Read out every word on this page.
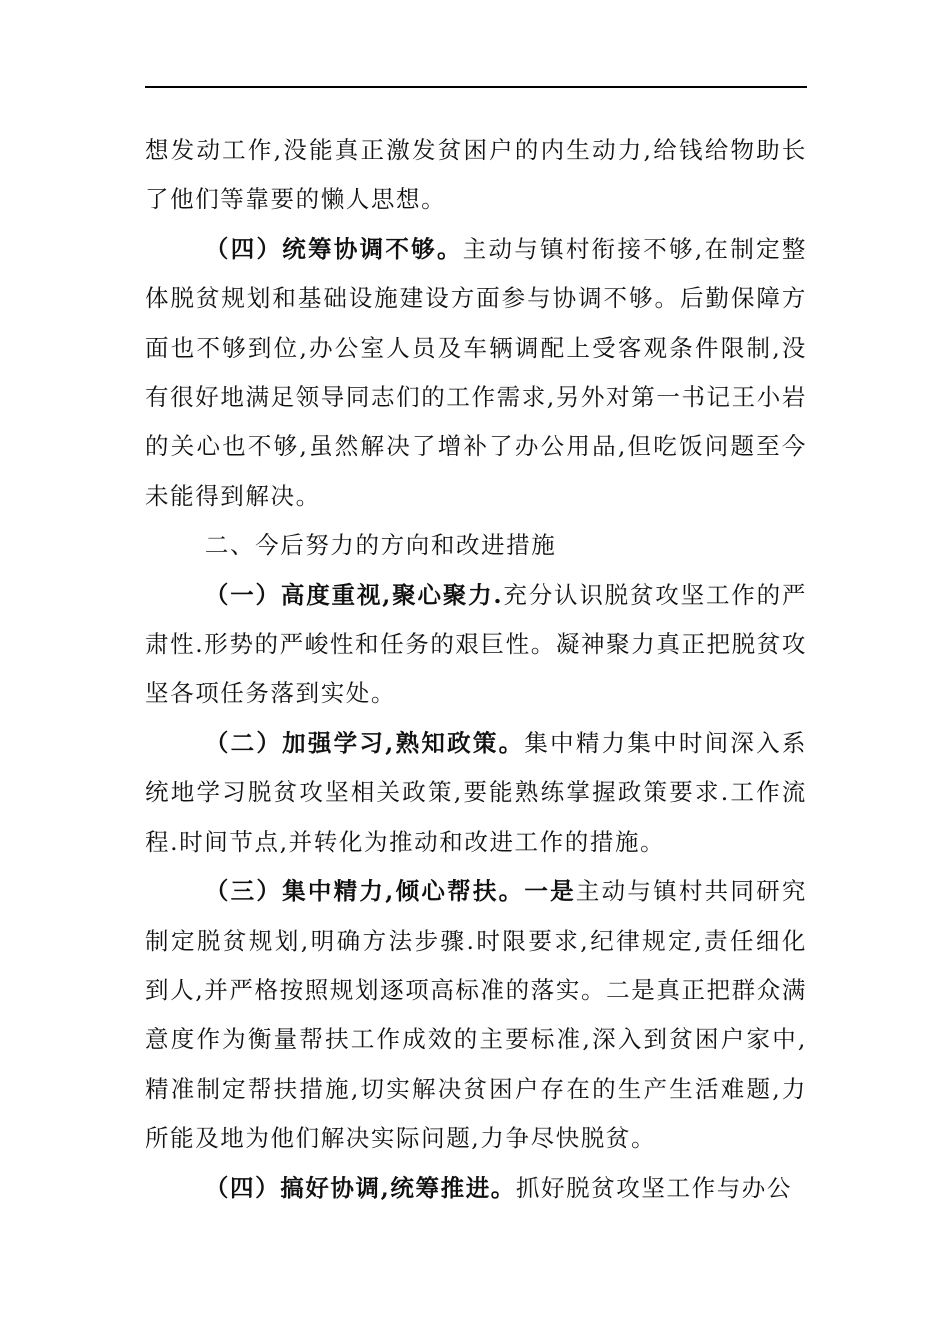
想发动工作,没能真正激发贫困户的内生动力,给钱给物助长了他们等靠要的懒人思想。

（四）统筹协调不够。主动与镇村衔接不够,在制定整体脱贫规划和基础设施建设方面参与协调不够。后勤保障方面也不够到位,办公室人员及车辆调配上受客观条件限制,没有很好地满足领导同志们的工作需求,另外对第一书记王小岩的关心也不够,虽然解决了增补了办公用品,但吃饭问题至今未能得到解决。

二、今后努力的方向和改进措施

（一）高度重视,聚心聚力.充分认识脱贫攻坚工作的严肃性.形势的严峻性和任务的艰巨性。凝神聚力真正把脱贫攻坚各项任务落到实处。

（二）加强学习,熟知政策。集中精力集中时间深入系统地学习脱贫攻坚相关政策,要能熟练掌握政策要求.工作流程.时间节点,并转化为推动和改进工作的措施。

（三）集中精力,倾心帮扶。一是主动与镇村共同研究制定脱贫规划,明确方法步骤.时限要求,纪律规定,责任细化到人,并严格按照规划逐项高标准的落实。二是真正把群众满意度作为衡量帮扶工作成效的主要标准,深入到贫困户家中,精准制定帮扶措施,切实解决贫困户存在的生产生活难题,力所能及地为他们解决实际问题,力争尽快脱贫。

（四）搞好协调,统筹推进。抓好脱贫攻坚工作与办公
